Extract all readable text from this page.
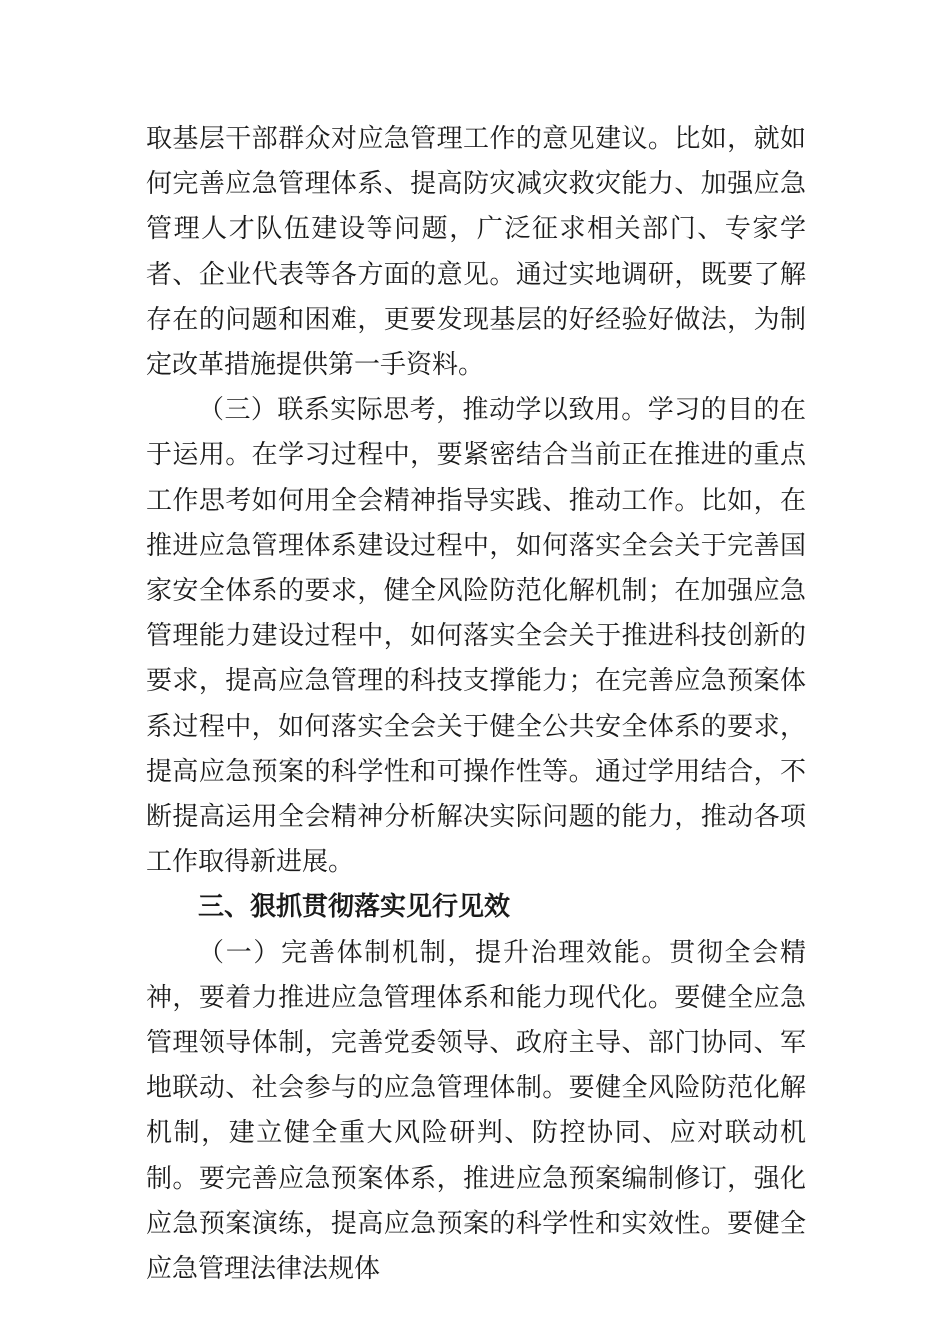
取基层干部群众对应急管理工作的意见建议。比如，就如何完善应急管理体系、提高防灾减灾救灾能力、加强应急管理人才队伍建设等问题，广泛征求相关部门、专家学者、企业代表等各方面的意见。通过实地调研，既要了解存在的问题和困难，更要发现基层的好经验好做法，为制定改革措施提供第一手资料。

（三）联系实际思考，推动学以致用。学习的目的在于运用。在学习过程中，要紧密结合当前正在推进的重点工作思考如何用全会精神指导实践、推动工作。比如，在推进应急管理体系建设过程中，如何落实全会关于完善国家安全体系的要求，健全风险防范化解机制；在加强应急管理能力建设过程中，如何落实全会关于推进科技创新的要求，提高应急管理的科技支撑能力；在完善应急预案体系过程中，如何落实全会关于健全公共安全体系的要求，提高应急预案的科学性和可操作性等。通过学用结合，不断提高运用全会精神分析解决实际问题的能力，推动各项工作取得新进展。

三、狠抓贯彻落实见行见效

（一）完善体制机制，提升治理效能。贯彻全会精神，要着力推进应急管理体系和能力现代化。要健全应急管理领导体制，完善党委领导、政府主导、部门协同、军地联动、社会参与的应急管理体制。要健全风险防范化解机制，建立健全重大风险研判、防控协同、应对联动机制。要完善应急预案体系，推进应急预案编制修订，强化应急预案演练，提高应急预案的科学性和实效性。要健全应急管理法律法规体
